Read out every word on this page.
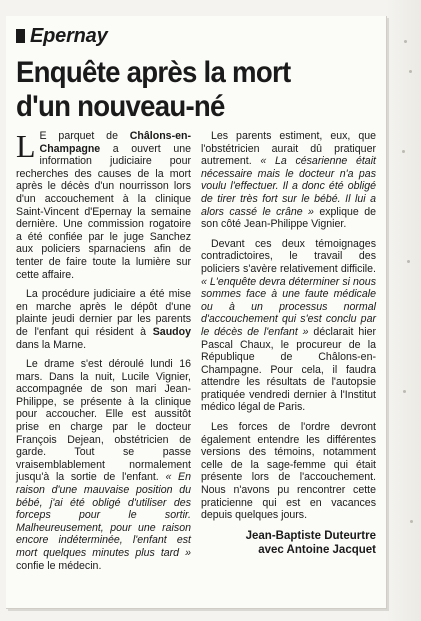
Epernay
Enquête après la mort d'un nouveau-né

L E parquet de Châlons-en-Champagne a ouvert une information judiciaire pour recherches des causes de la mort après le décès d'un nourrisson lors d'un accouchement à la clinique Saint-Vincent d'Epernay la semaine dernière. Une commission rogatoire a été confiée par le juge Sanchez aux policiers sparnaciens afin de tenter de faire toute la lumière sur cette affaire.

La procédure judiciaire a été mise en marche après le dépôt d'une plainte jeudi dernier par les parents de l'enfant qui résident à Saudoy dans la Marne.

Le drame s'est déroulé lundi 16 mars. Dans la nuit, Lucile Vignier, accompagnée de son mari Jean-Philippe, se présente à la clinique pour accoucher. Elle est aussitôt prise en charge par le docteur François Dejean, obstétricien de garde. Tout se passe vraisemblablement normalement jusqu'à la sortie de l'enfant. « En raison d'une mauvaise position du bébé, j'ai été obligé d'utiliser des forceps pour le sortir. Malheureusement, pour une raison encore indéterminée, l'enfant est mort quelques minutes plus tard » confie le médecin.

Les parents estiment, eux, que l'obstétricien aurait dû pratiquer autrement. « La césarienne était nécessaire mais le docteur n'a pas voulu l'effectuer. Il a donc été obligé de tirer très fort sur le bébé. Il lui a alors cassé le crâne » explique de son côté Jean-Philippe Vignier.

Devant ces deux témoignages contradictoires, le travail des policiers s'avère relativement difficile. « L'enquête devra déterminer si nous sommes face à une faute médicale ou à un processus normal d'accouchement qui s'est conclu par le décès de l'enfant » déclarait hier Pascal Chaux, le procureur de la République de Châlons-en-Champagne. Pour cela, il faudra attendre les résultats de l'autopsie pratiquée vendredi dernier à l'Institut médico légal de Paris.

Les forces de l'ordre devront également entendre les différentes versions des témoins, notamment celle de la sage-femme qui était présente lors de l'accouchement. Nous n'avons pu rencontrer cette praticienne qui est en vacances depuis quelques jours.

Jean-Baptiste Duteurtre
avec Antoine Jacquet
